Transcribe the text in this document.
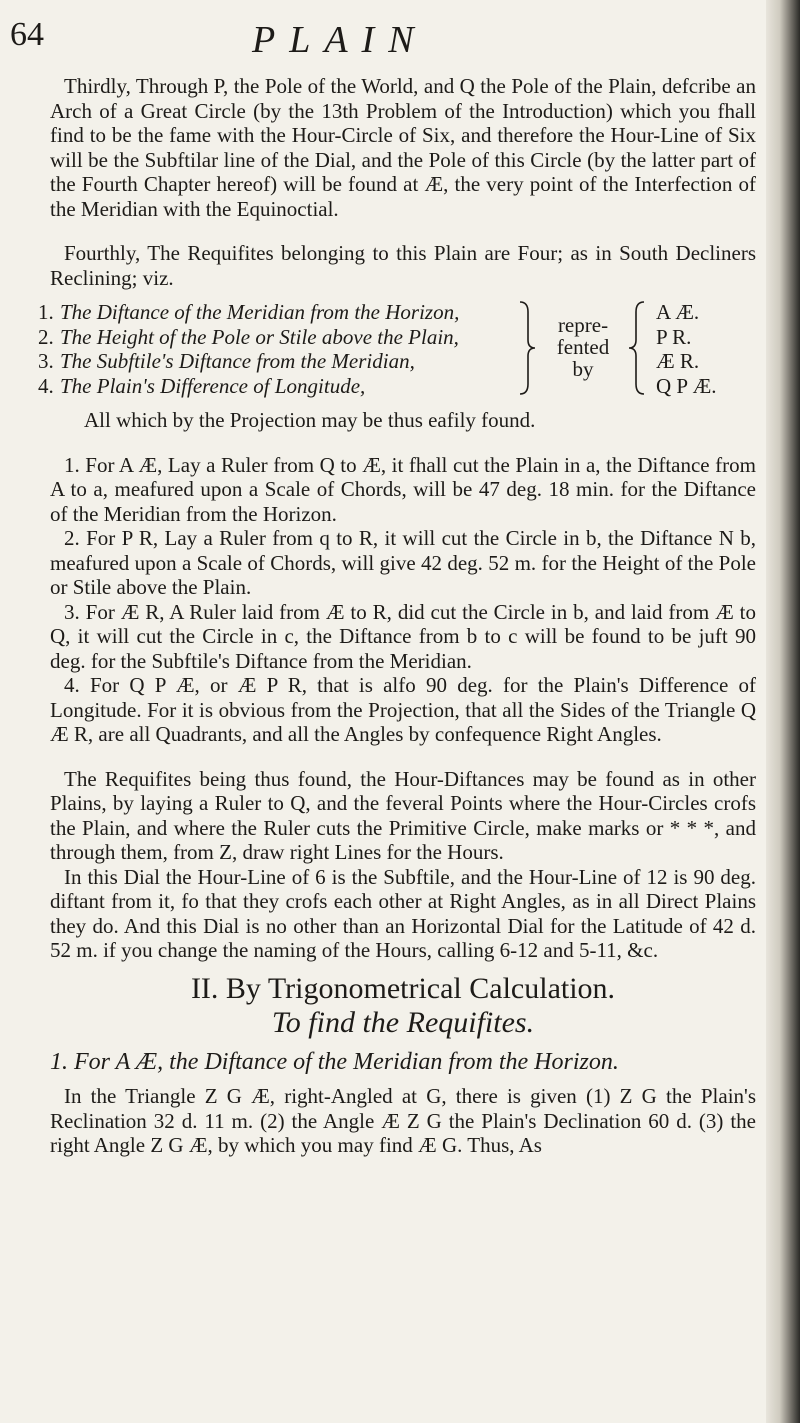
64	PLAIN

Thirdly, Through P, the Pole of the World, and Q the Pole of the Plain, defcribe an Arch of a Great Circle (by the 13th Problem of the Introduction) which you fhall find to be the fame with the Hour-Circle of Six, and therefore the Hour-Line of Six will be the Subftilar line of the Dial, and the Pole of this Circle (by the latter part of the Fourth Chapter hereof) will be found at Æ, the very point of the Interfection of the Meridian with the Equinoctial.

Fourthly, The Requifites belonging to this Plain are Four; as in South Decliners Reclining; viz.

1. The Diftance of the Meridian from the Horizon,
2. The Height of the Pole or Stile above the Plain,
3. The Subftile's Diftance from the Meridian,
4. The Plain's Difference of Longitude,
repre-
fented
by
A Æ.
P R.
Æ R.
Q P Æ.

All which by the Projection may be thus eafily found.

1. For A Æ, Lay a Ruler from Q to Æ, it fhall cut the Plain in a, the Diftance from A to a, meafured upon a Scale of Chords, will be 47 deg. 18 min. for the Diftance of the Meridian from the Horizon.

2. For P R, Lay a Ruler from q to R, it will cut the Circle in b, the Diftance N b, meafured upon a Scale of Chords, will give 42 deg. 52 m. for the Height of the Pole or Stile above the Plain.

3. For Æ R, A Ruler laid from Æ to R, did cut the Circle in b, and laid from Æ to Q, it will cut the Circle in c, the Diftance from b to c will be found to be juft 90 deg. for the Subftile's Diftance from the Meridian.

4. For Q P Æ, or Æ P R, that is alfo 90 deg. for the Plain's Difference of Longitude. For it is obvious from the Projection, that all the Sides of the Triangle Q Æ R, are all Quadrants, and all the Angles by confequence Right Angles.

The Requifites being thus found, the Hour-Diftances may be found as in other Plains, by laying a Ruler to Q, and the feveral Points where the Hour-Circles crofs the Plain, and where the Ruler cuts the Primitive Circle, make marks or * * *, and through them, from Z, draw right Lines for the Hours.

In this Dial the Hour-Line of 6 is the Subftile, and the Hour-Line of 12 is 90 deg. diftant from it, fo that they crofs each other at Right Angles, as in all Direct Plains they do. And this Dial is no other than an Horizontal Dial for the Latitude of 42 d. 52 m. if you change the naming of the Hours, calling 6-12 and 5-11, &c.

II. By Trigonometrical Calculation.
To find the Requifites.
1. For A Æ, the Diftance of the Meridian from the Horizon.

In the Triangle Z G Æ, right-Angled at G, there is given (1) Z G the Plain's Reclination 32 d. 11 m. (2) the Angle Æ Z G the Plain's Declination 60 d. (3) the right Angle Z G Æ, by which you may find Æ G. Thus, As
